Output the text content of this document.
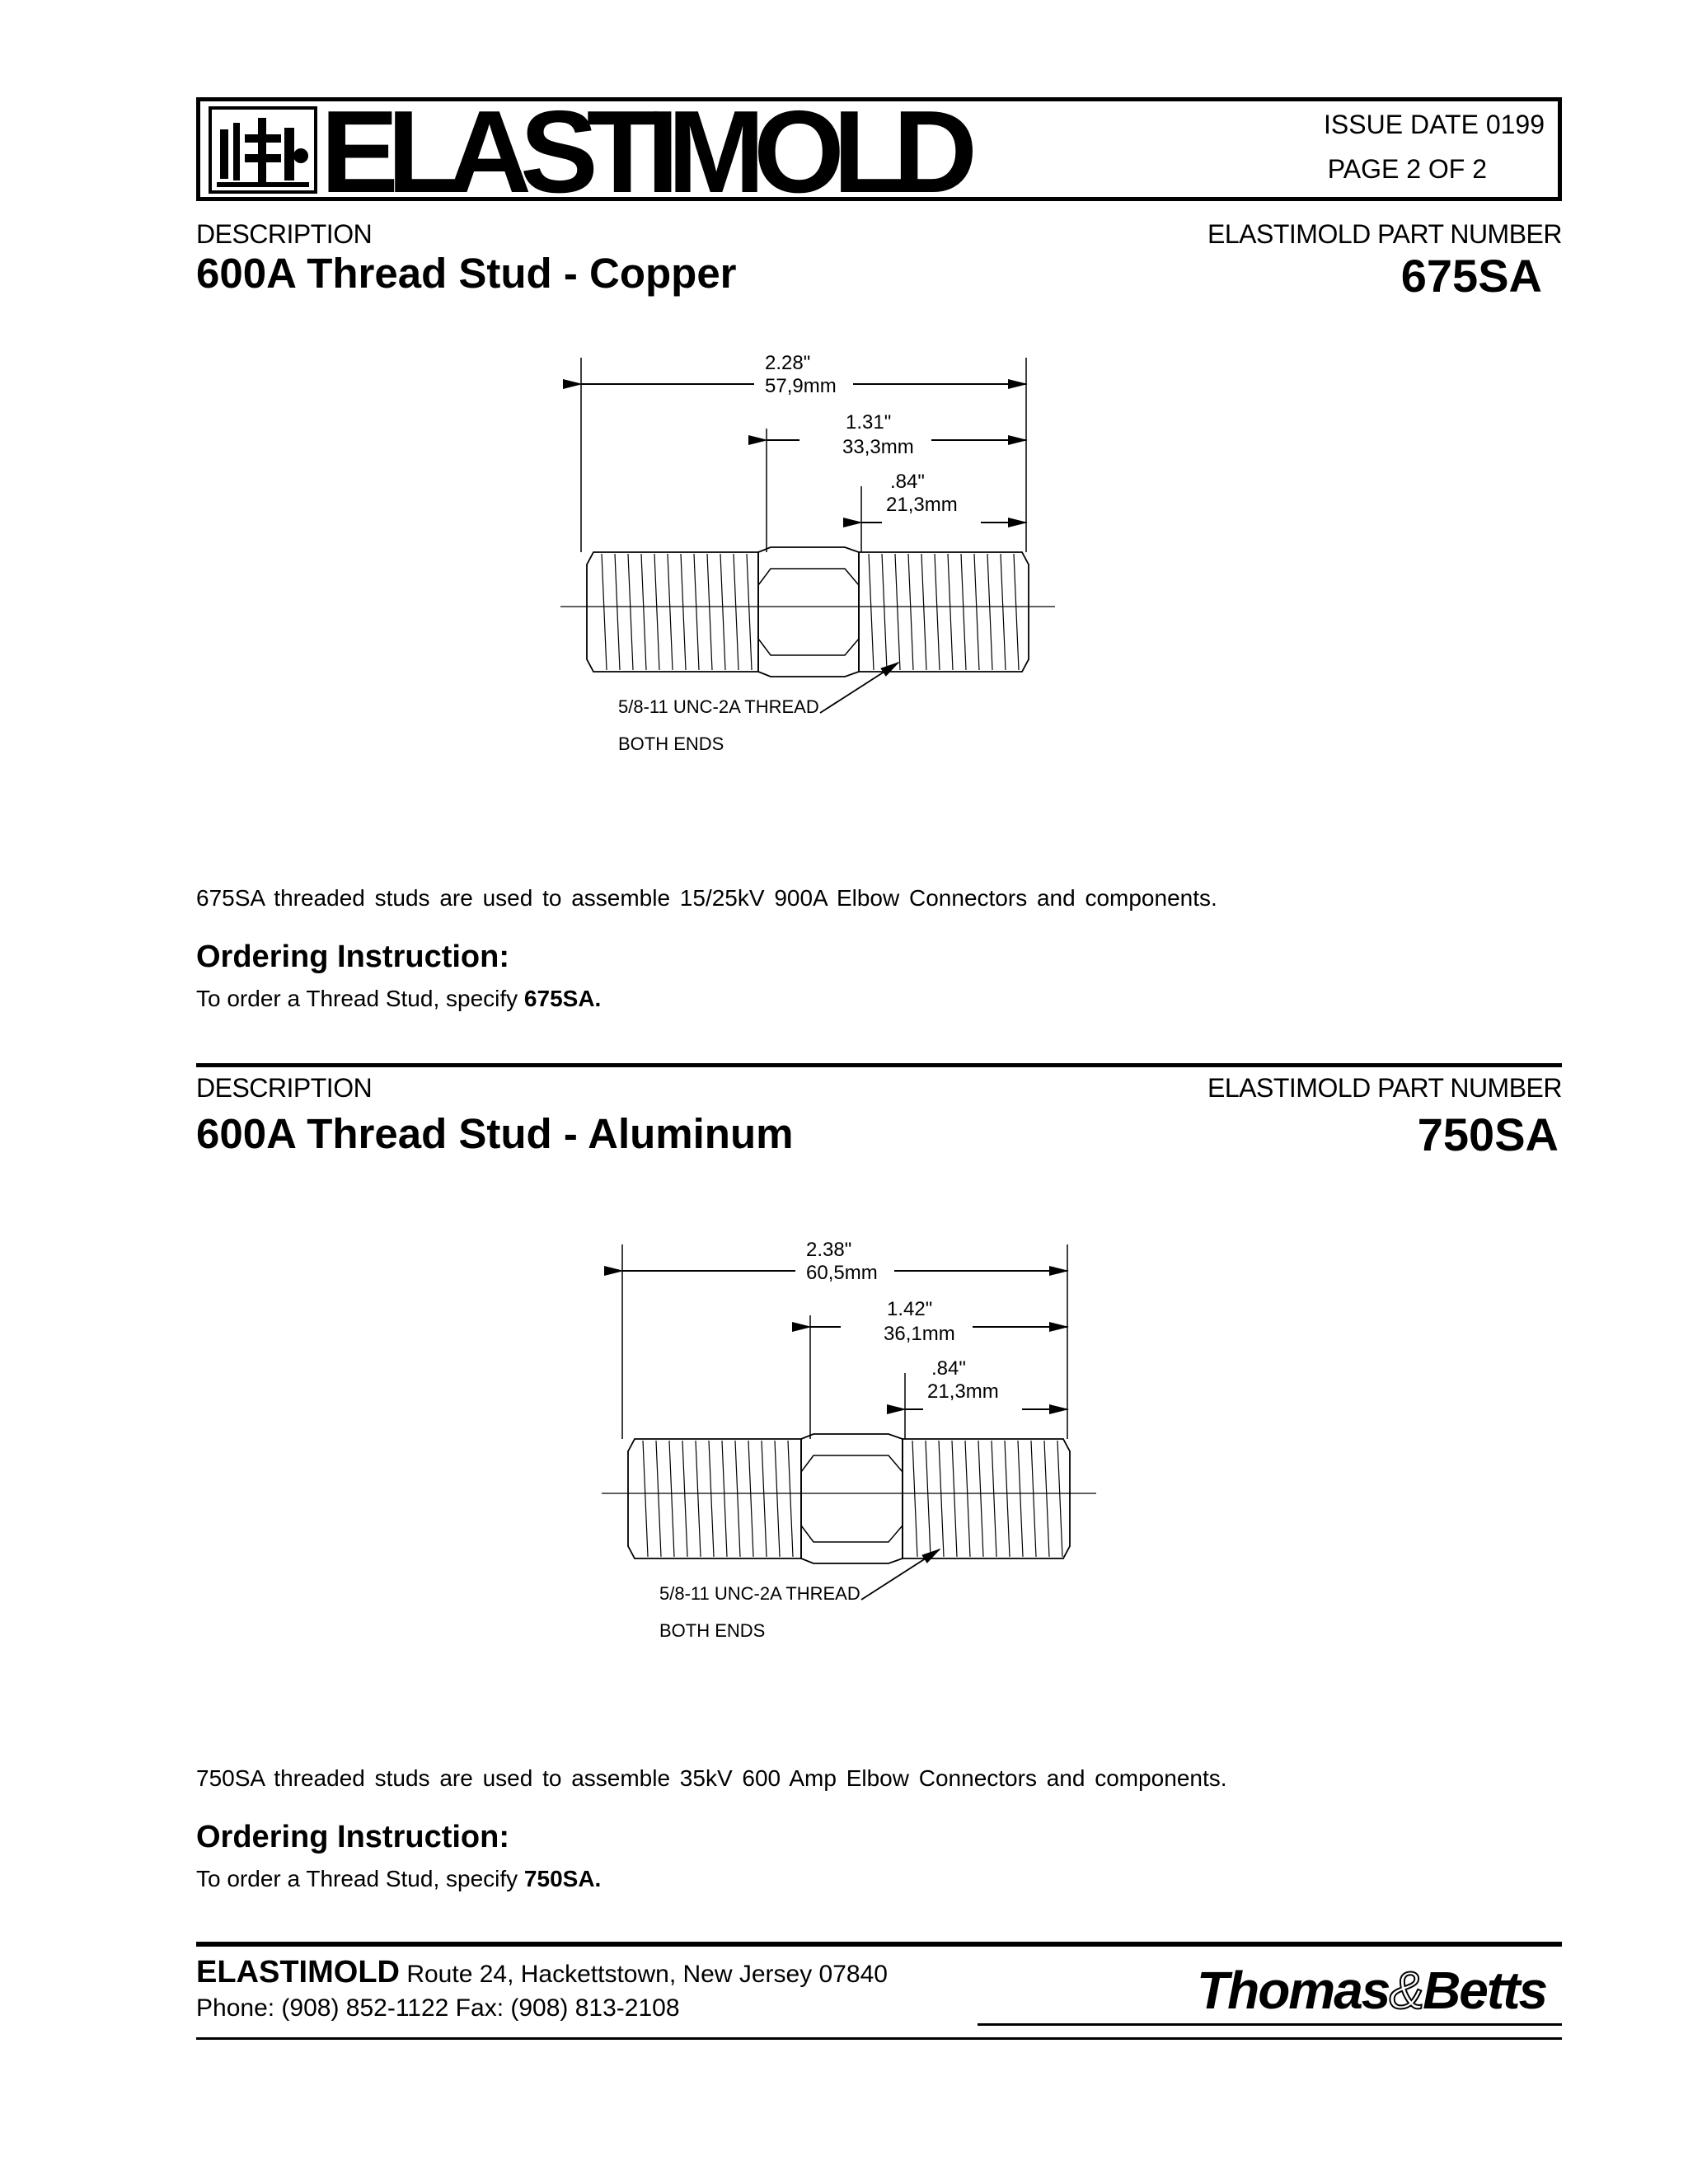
ELASTIMOLD	ISSUE DATE 0199
PAGE 2 OF 2
DESCRIPTION	ELASTIMOLD PART NUMBER
600A Thread Stud - Copper	675SA
2.28"
57,9mm
1.31"
33,3mm
.84"
21,3mm
5/8-11 UNC-2A THREAD
BOTH ENDS
675SA threaded studs are used to assemble 15/25kV 900A Elbow Connectors and components.
Ordering Instruction:
To order a Thread Stud, specify 675SA.
DESCRIPTION	ELASTIMOLD PART NUMBER
600A Thread Stud - Aluminum	750SA
2.38"
60,5mm
1.42"
36,1mm
.84"
21,3mm
5/8-11 UNC-2A THREAD
BOTH ENDS
750SA threaded studs are used to assemble 35kV 600 Amp Elbow Connectors and components.
Ordering Instruction:
To order a Thread Stud, specify 750SA.
ELASTIMOLD Route 24, Hackettstown, New Jersey 07840
Phone: (908) 852-1122 Fax: (908) 813-2108	Thomas&Betts
